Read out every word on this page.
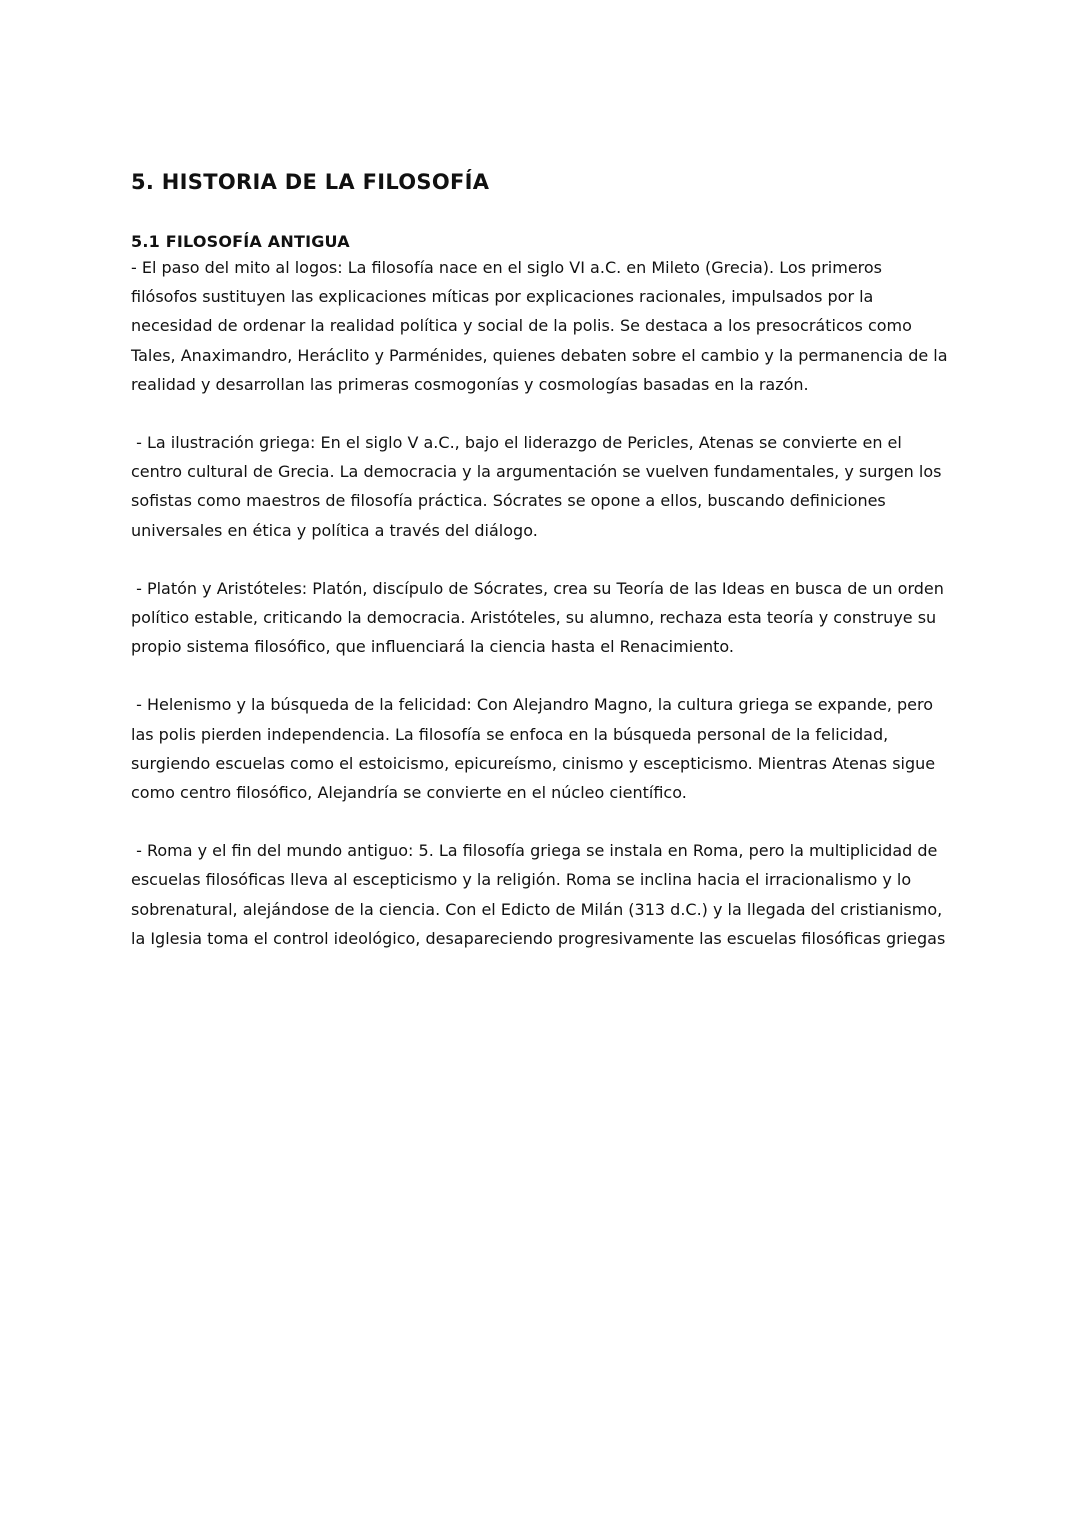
5. HISTORIA DE LA FILOSOFÍA
5.1 FILOSOFÍA ANTIGUA

- El paso del mito al logos: La filosofía nace en el siglo VI a.C. en Mileto (Grecia). Los primeros filósofos sustituyen las explicaciones míticas por explicaciones racionales, impulsados por la necesidad de ordenar la realidad política y social de la polis. Se destaca a los presocráticos como Tales, Anaximandro, Heráclito y Parménides, quienes debaten sobre el cambio y la permanencia de la realidad y desarrollan las primeras cosmogonías y cosmologías basadas en la razón.

- La ilustración griega: En el siglo V a.C., bajo el liderazgo de Pericles, Atenas se convierte en el centro cultural de Grecia. La democracia y la argumentación se vuelven fundamentales, y surgen los sofistas como maestros de filosofía práctica. Sócrates se opone a ellos, buscando definiciones universales en ética y política a través del diálogo.

- Platón y Aristóteles: Platón, discípulo de Sócrates, crea su Teoría de las Ideas en busca de un orden político estable, criticando la democracia. Aristóteles, su alumno, rechaza esta teoría y construye su propio sistema filosófico, que influenciará la ciencia hasta el Renacimiento.

- Helenismo y la búsqueda de la felicidad: Con Alejandro Magno, la cultura griega se expande, pero las polis pierden independencia. La filosofía se enfoca en la búsqueda personal de la felicidad, surgiendo escuelas como el estoicismo, epicureísmo, cinismo y escepticismo. Mientras Atenas sigue como centro filosófico, Alejandría se convierte en el núcleo científico.

- Roma y el fin del mundo antiguo: 5. La filosofía griega se instala en Roma, pero la multiplicidad de escuelas filosóficas lleva al escepticismo y la religión. Roma se inclina hacia el irracionalismo y lo sobrenatural, alejándose de la ciencia. Con el Edicto de Milán (313 d.C.) y la llegada del cristianismo, la Iglesia toma el control ideológico, desapareciendo progresivamente las escuelas filosóficas griegas
